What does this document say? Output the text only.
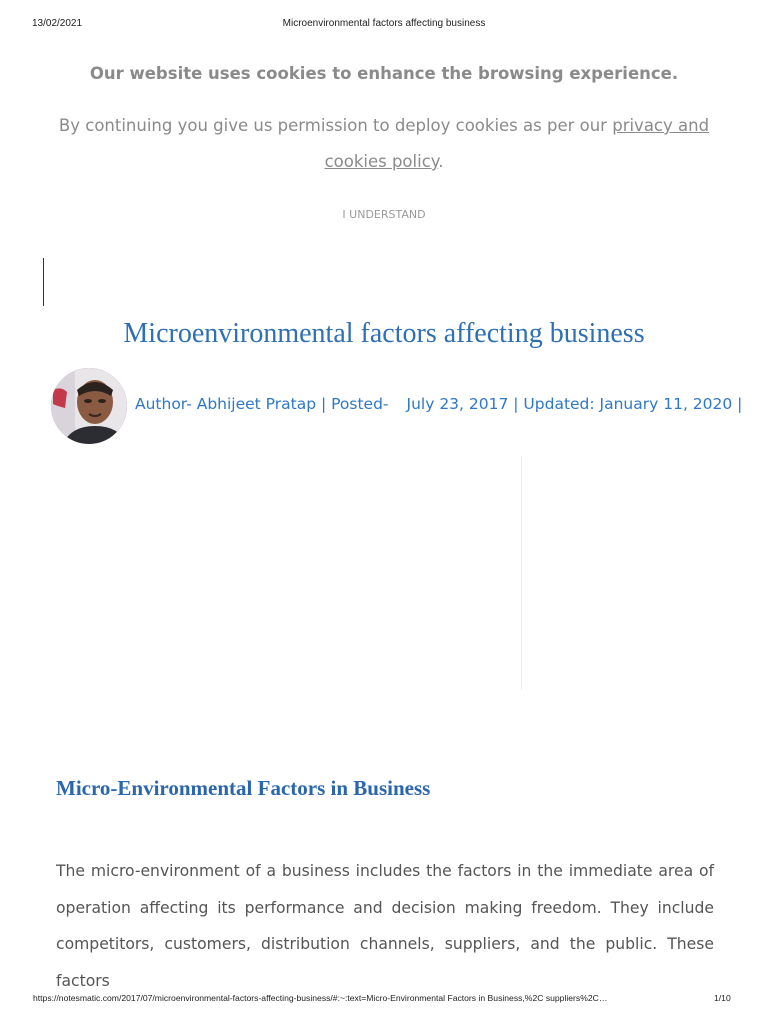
13/02/2021	Microenvironmental factors affecting business
Our website uses cookies to enhance the browsing experience.
By continuing you give us permission to deploy cookies as per our privacy and cookies policy.
I UNDERSTAND
Microenvironmental factors affecting business
Author- Abhijeet Pratap | Posted- July 23, 2017 | Updated: January 11, 2020 |
Micro-Environmental Factors in Business

The micro-environment of a business includes the factors in the immediate area of operation affecting its performance and decision making freedom. They include competitors, customers, distribution channels, suppliers, and the public. These factors

https://notesmatic.com/2017/07/microenvironmental-factors-affecting-business/#:~:text=Micro-Environmental Factors in Business,%2C suppliers%2C…	1/10
